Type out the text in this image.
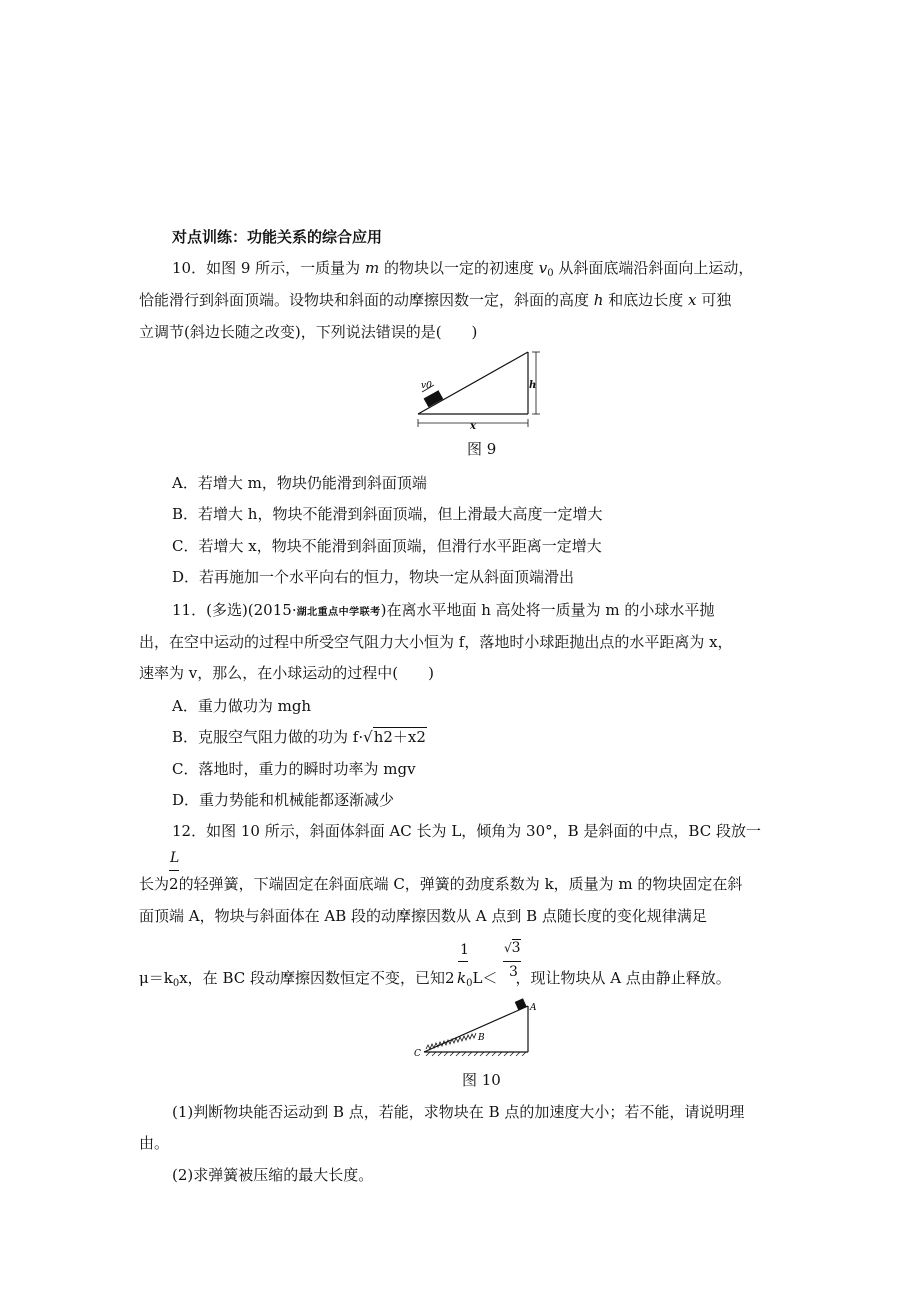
对点训练：功能关系的综合应用
10．如图 9 所示，一质量为 m 的物块以一定的初速度 $v_0$ 从斜面底端沿斜面向上运动，
恰能滑行到斜面顶端。设物块和斜面的动摩擦因数一定，斜面的高度 h 和底边长度 x 可独
立调节(斜边长随之改变)，下列说法错误的是(　　)
v0	h
x
图 9
A．若增大 m，物块仍能滑到斜面顶端
B．若增大 h，物块不能滑到斜面顶端，但上滑最大高度一定增大
C．若增大 x，物块不能滑到斜面顶端，但滑行水平距离一定增大
D．若再施加一个水平向右的恒力，物块一定从斜面顶端滑出
11．(多选)(2015·湖北重点中学联考)在离水平地面 h 高处将一质量为 m 的小球水平抛
出，在空中运动的过程中所受空气阻力大小恒为 f，落地时小球距抛出点的水平距离为 x，
速率为 v，那么，在小球运动的过程中(　　)
A．重力做功为 mgh
B．克服空气阻力做的功为 f·√h2＋x2
C．落地时，重力的瞬时功率为 mgv
D．重力势能和机械能都逐渐减少
12．如图 10 所示，斜面体斜面 AC 长为 L，倾角为 30°，B 是斜面的中点，BC 段放一
L
长为2的轻弹簧，下端固定在斜面底端 C，弹簧的劲度系数为 k，质量为 m 的物块固定在斜
面顶端 A，物块与斜面体在 AB 段的动摩擦因数从 A 点到 B 点随长度的变化规律满足
1	√3
3
$\mu=k_0x$，在 BC 段动摩擦因数恒定不变，已知2 $k_0L<$ ，现让物块从 A 点由静止释放。
A
B
C
图 10
(1)判断物块能否运动到 B 点，若能，求物块在 B 点的加速度大小；若不能，请说明理
由。
(2)求弹簧被压缩的最大长度。
